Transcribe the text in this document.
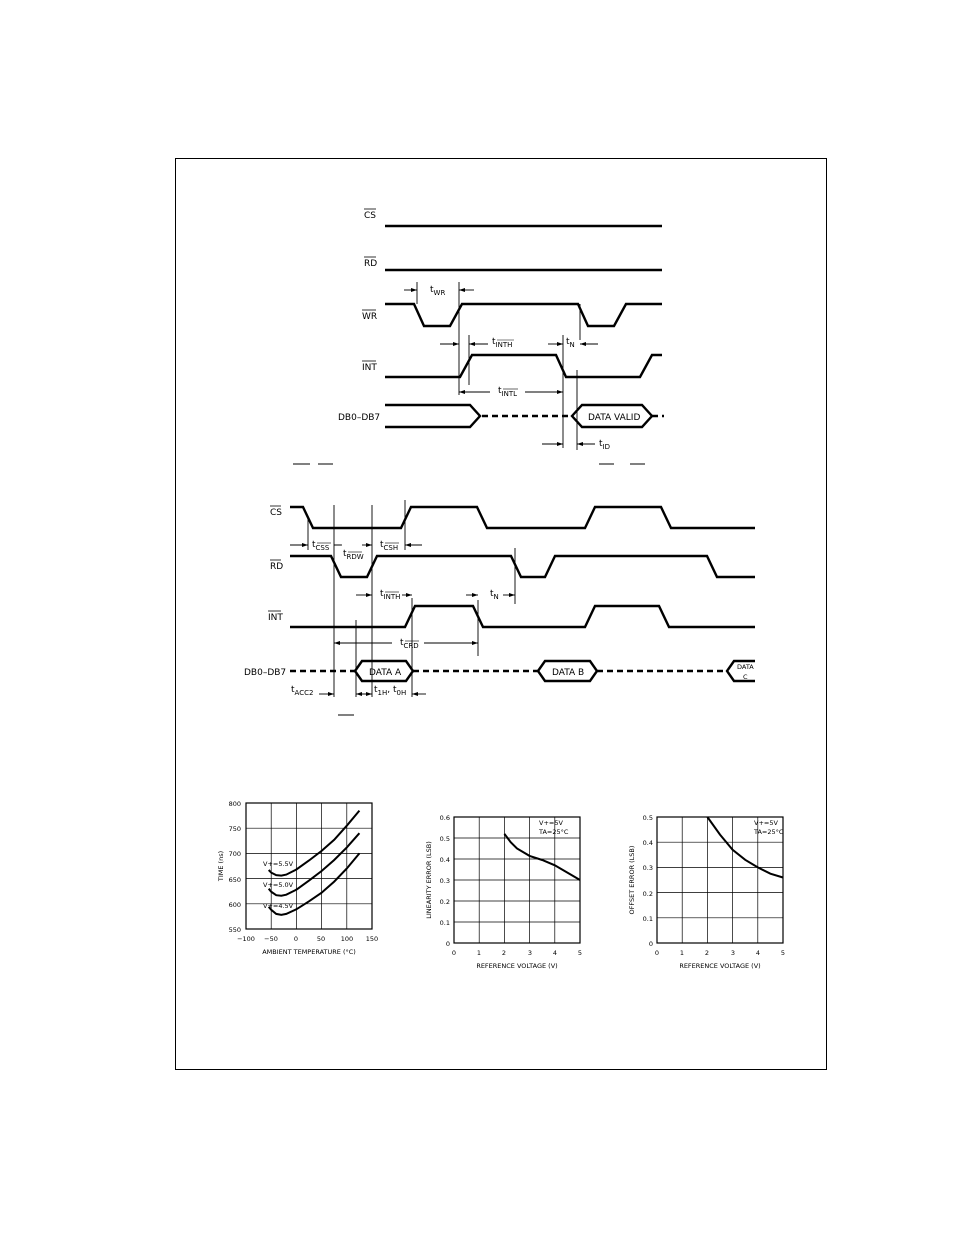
CS
RD
WR
INT
DB0–DB7	DATA VALID
$t_{WR}$
$t_{INTH}$	$t_N$
$t_{INTL}$
$t_{ID}$
CS
RD
INT
DB0–DB7	DATA A	DATA B
DATA
C
$t_{CSS}$
$t_{RDW}$
$t_{CSH}$
$t_{INTH}$	$t_N$
$t_{CRD}$
$t_{ACC2}$	$t_{1H}$, $t_{0H}$
800
750
700
650
600
550
−100 −50 0	50 100 150
AMBIENT TEMPERATURE (°C)
TIME (ns)	V+=5.5V
V+=5.0V
V+=4.5V
0.6
0.5
0.4
0.3
0.2
0.1
0
0	1	2	3	4	5
REFERENCE VOLTAGE (V)
LINEARITY ERROR (LSB)
V+=5V
TA=25°C
0.5
0.4
0.3
0.2
0.1
0
0	1	2	3	4	5
REFERENCE VOLTAGE (V)
OFFSET ERROR (LSB)
V+=5V
TA=25°C
